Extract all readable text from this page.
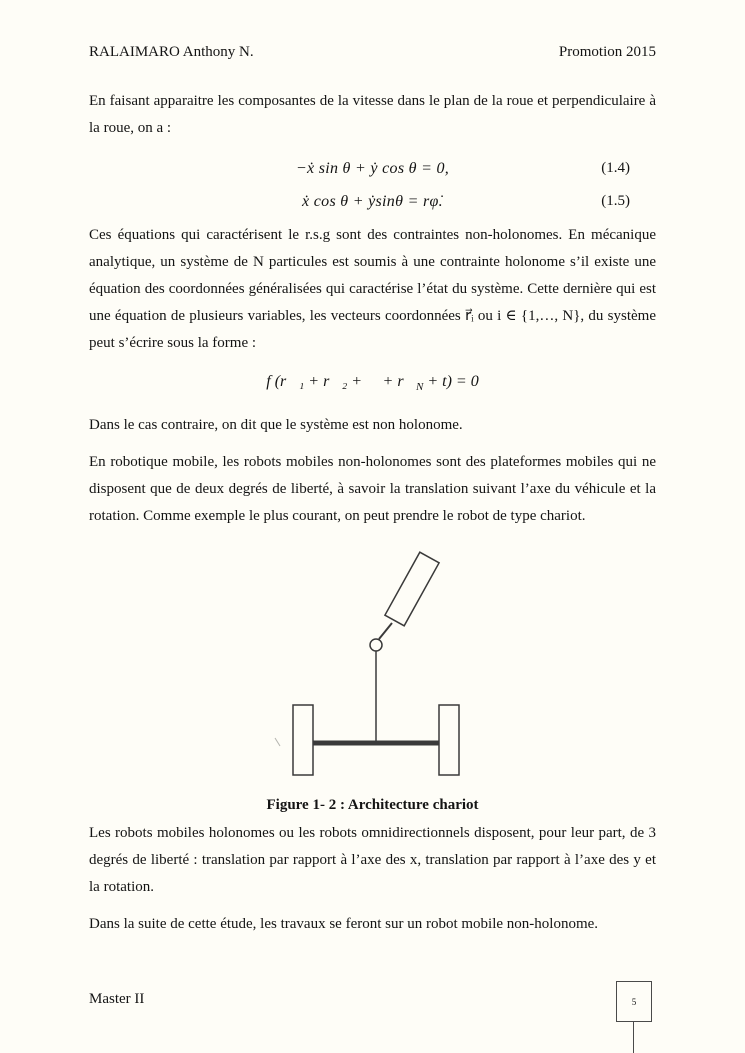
RALAIMARO Anthony N.	Promotion 2015

En faisant apparaitre les composantes de la vitesse dans le plan de la roue et perpendiculaire à la roue, on a :

−ẋ sin θ + ẏ cos θ = 0,	(1.4)
ẋ cos θ + ẏsinθ = rφ̇.	(1.5)

Ces équations qui caractérisent le r.s.g sont des contraintes non-holonomes. En mécanique analytique, un système de N particules est soumis à une contrainte holonome s’il existe une équation des coordonnées généralisées qui caractérise l’état du système. Cette dernière qui est une équation de plusieurs variables, les vecteurs coordonnées r⃗ᵢ ou i ∈ {1,…, N}, du système peut s’écrire sous la forme :

f (r⃗₁ + r⃗₂ + ⋯ + $r⃗_N + t) = 0$

Dans le cas contraire, on dit que le système est non holonome.

En robotique mobile, les robots mobiles non-holonomes sont des plateformes mobiles qui ne disposent que de deux degrés de liberté, à savoir la translation suivant l’axe du véhicule et la rotation. Comme exemple le plus courant, on peut prendre le robot de type chariot.

Figure 1- 2 : Architecture chariot

Les robots mobiles holonomes ou les robots omnidirectionnels disposent, pour leur part, de 3 degrés de liberté : translation par rapport à l’axe des x, translation par rapport à l’axe des y et la rotation.

Dans la suite de cette étude, les travaux se feront sur un robot mobile non-holonome.

Master II	5
